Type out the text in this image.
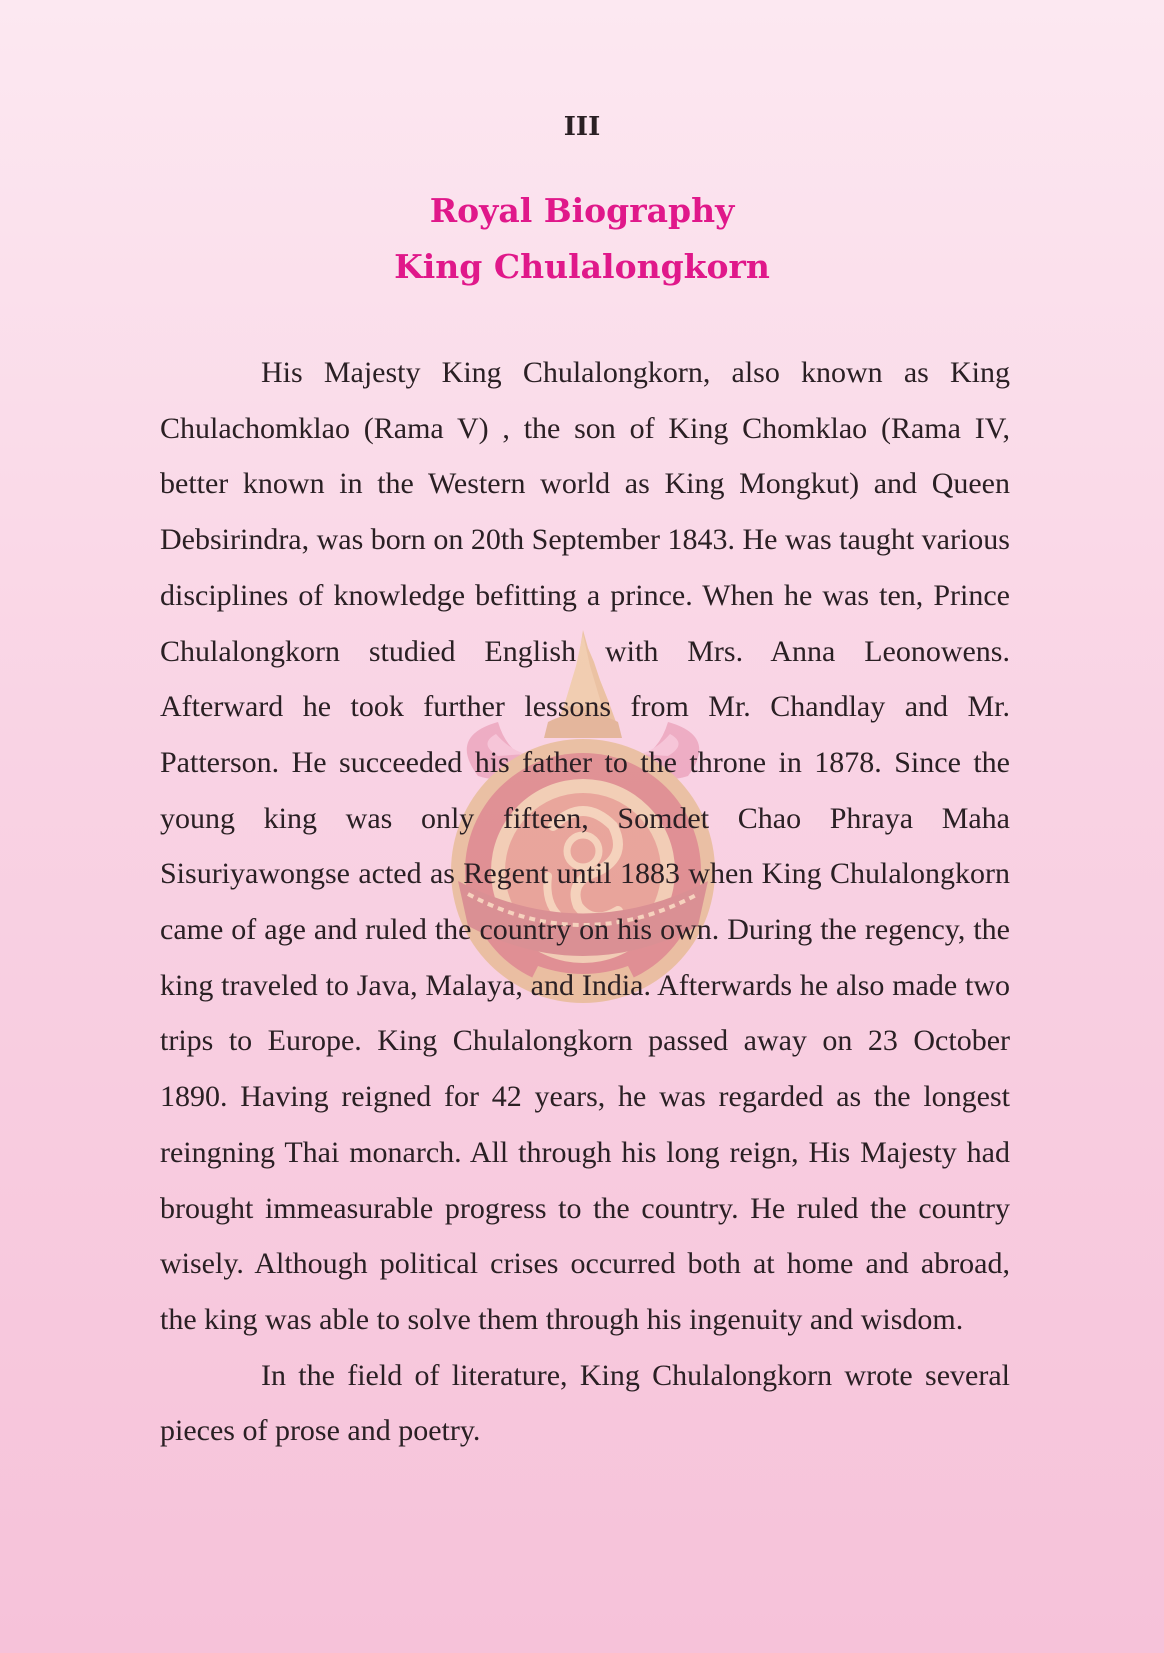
III
Royal Biography
King Chulalongkorn

His Majesty King Chulalongkorn, also known as King Chulachomklao (Rama V) , the son of King Chomklao (Rama IV, better known in the Western world as King Mongkut) and Queen Debsirindra, was born on 20th September 1843. He was taught various disciplines of knowledge befitting a prince. When he was ten, Prince Chulalongkorn studied English with Mrs. Anna Leonowens. Afterward he took further lessons from Mr. Chandlay and Mr. Patterson. He succeeded his father to the throne in 1878. Since the young king was only fifteen, Somdet Chao Phraya Maha Sisuriyawongse acted as Regent until 1883 when King Chulalongkorn came of age and ruled the country on his own. During the regency, the king traveled to Java, Malaya, and India. Afterwards he also made two trips to Europe. King Chulalongkorn passed away on 23 October 1890. Having reigned for 42 years, he was regarded as the longest reingning Thai monarch. All through his long reign, His Majesty had brought immeasurable progress to the country. He ruled the country wisely. Although political crises occurred both at home and abroad, the king was able to solve them through his ingenuity and wisdom.

In the field of literature, King Chulalongkorn wrote several pieces of prose and poetry.
